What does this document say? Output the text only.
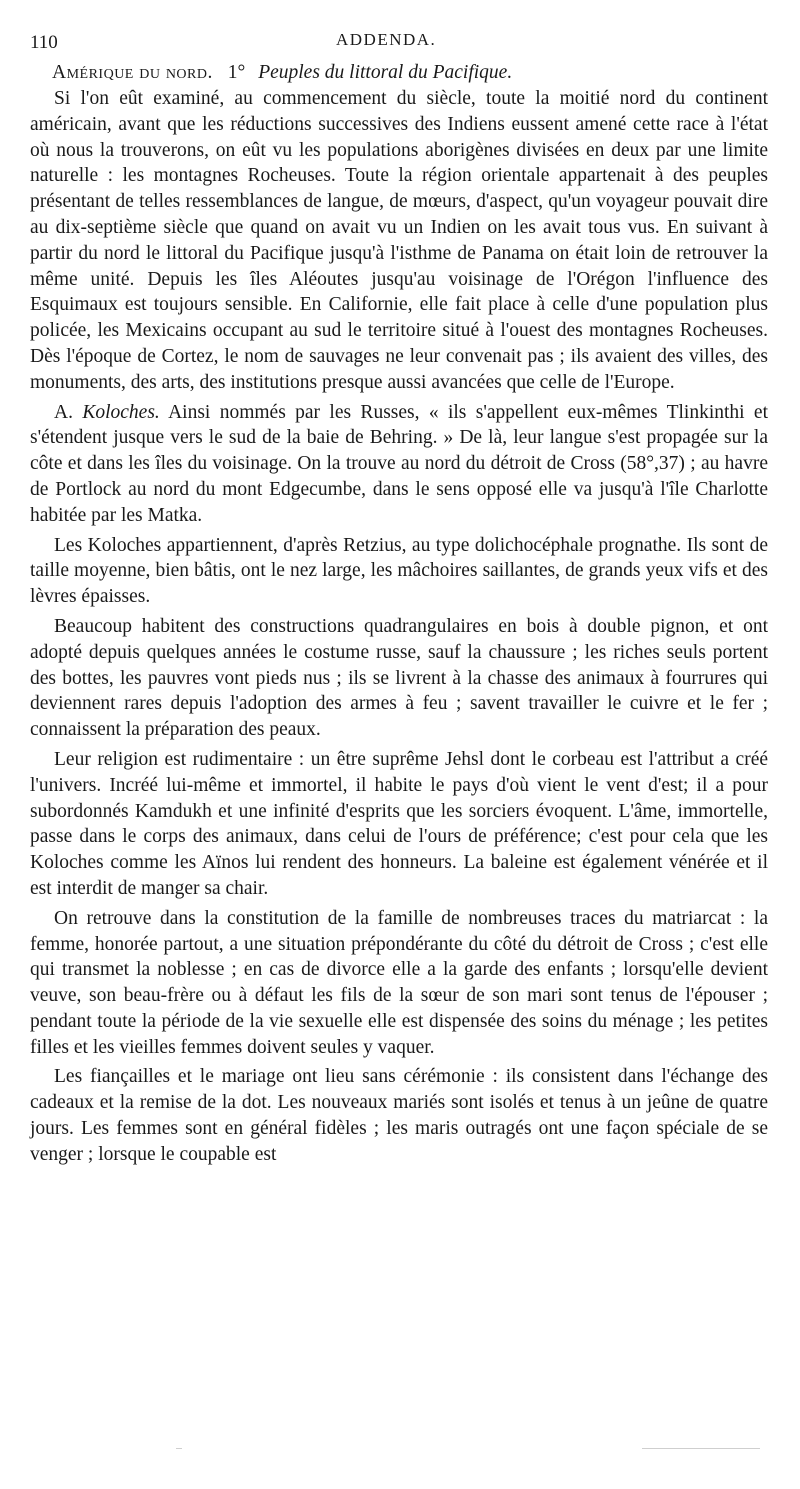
110	ADDENDA.
Amérique du nord. 1° Peuples du littoral du Pacifique.

Si l'on eût examiné, au commencement du siècle, toute la moitié nord du continent américain, avant que les réductions successives des Indiens eussent amené cette race à l'état où nous la trouverons, on eût vu les populations aborigènes divisées en deux par une limite naturelle : les montagnes Rocheuses. Toute la région orientale appartenait à des peuples présentant de telles ressemblances de langue, de mœurs, d'aspect, qu'un voyageur pouvait dire au dix-septième siècle que quand on avait vu un Indien on les avait tous vus. En suivant à partir du nord le littoral du Pacifique jusqu'à l'isthme de Panama on était loin de retrouver la même unité. Depuis les îles Aléoutes jusqu'au voisinage de l'Orégon l'influence des Esquimaux est toujours sensible. En Californie, elle fait place à celle d'une population plus policée, les Mexicains occupant au sud le territoire situé à l'ouest des montagnes Rocheuses. Dès l'époque de Cortez, le nom de sauvages ne leur convenait pas ; ils avaient des villes, des monuments, des arts, des institutions presque aussi avancées que celle de l'Europe.

A. Koloches. Ainsi nommés par les Russes, « ils s'appellent eux-mêmes Tlinkinthi et s'étendent jusque vers le sud de la baie de Behring. » De là, leur langue s'est propagée sur la côte et dans les îles du voisinage. On la trouve au nord du détroit de Cross (58°,37) ; au havre de Portlock au nord du mont Edgecumbe, dans le sens opposé elle va jusqu'à l'île Charlotte habitée par les Matka.

Les Koloches appartiennent, d'après Retzius, au type dolichocéphale prognathe. Ils sont de taille moyenne, bien bâtis, ont le nez large, les mâchoires saillantes, de grands yeux vifs et des lèvres épaisses.

Beaucoup habitent des constructions quadrangulaires en bois à double pignon, et ont adopté depuis quelques années le costume russe, sauf la chaussure ; les riches seuls portent des bottes, les pauvres vont pieds nus ; ils se livrent à la chasse des animaux à fourrures qui deviennent rares depuis l'adoption des armes à feu ; savent travailler le cuivre et le fer ; connaissent la préparation des peaux.

Leur religion est rudimentaire : un être suprême Jehsl dont le corbeau est l'attribut a créé l'univers. Incréé lui-même et immortel, il habite le pays d'où vient le vent d'est; il a pour subordonnés Kamdukh et une infinité d'esprits que les sorciers évoquent. L'âme, immortelle, passe dans le corps des animaux, dans celui de l'ours de préférence; c'est pour cela que les Koloches comme les Aïnos lui rendent des honneurs. La baleine est également vénérée et il est interdit de manger sa chair.

On retrouve dans la constitution de la famille de nombreuses traces du matriarcat : la femme, honorée partout, a une situation prépondérante du côté du détroit de Cross ; c'est elle qui transmet la noblesse ; en cas de divorce elle a la garde des enfants ; lorsqu'elle devient veuve, son beau-frère ou à défaut les fils de la sœur de son mari sont tenus de l'épouser ; pendant toute la période de la vie sexuelle elle est dispensée des soins du ménage ; les petites filles et les vieilles femmes doivent seules y vaquer.

Les fiançailles et le mariage ont lieu sans cérémonie : ils consistent dans l'échange des cadeaux et la remise de la dot. Les nouveaux mariés sont isolés et tenus à un jeûne de quatre jours. Les femmes sont en général fidèles ; les maris outragés ont une façon spéciale de se venger ; lorsque le coupable est
